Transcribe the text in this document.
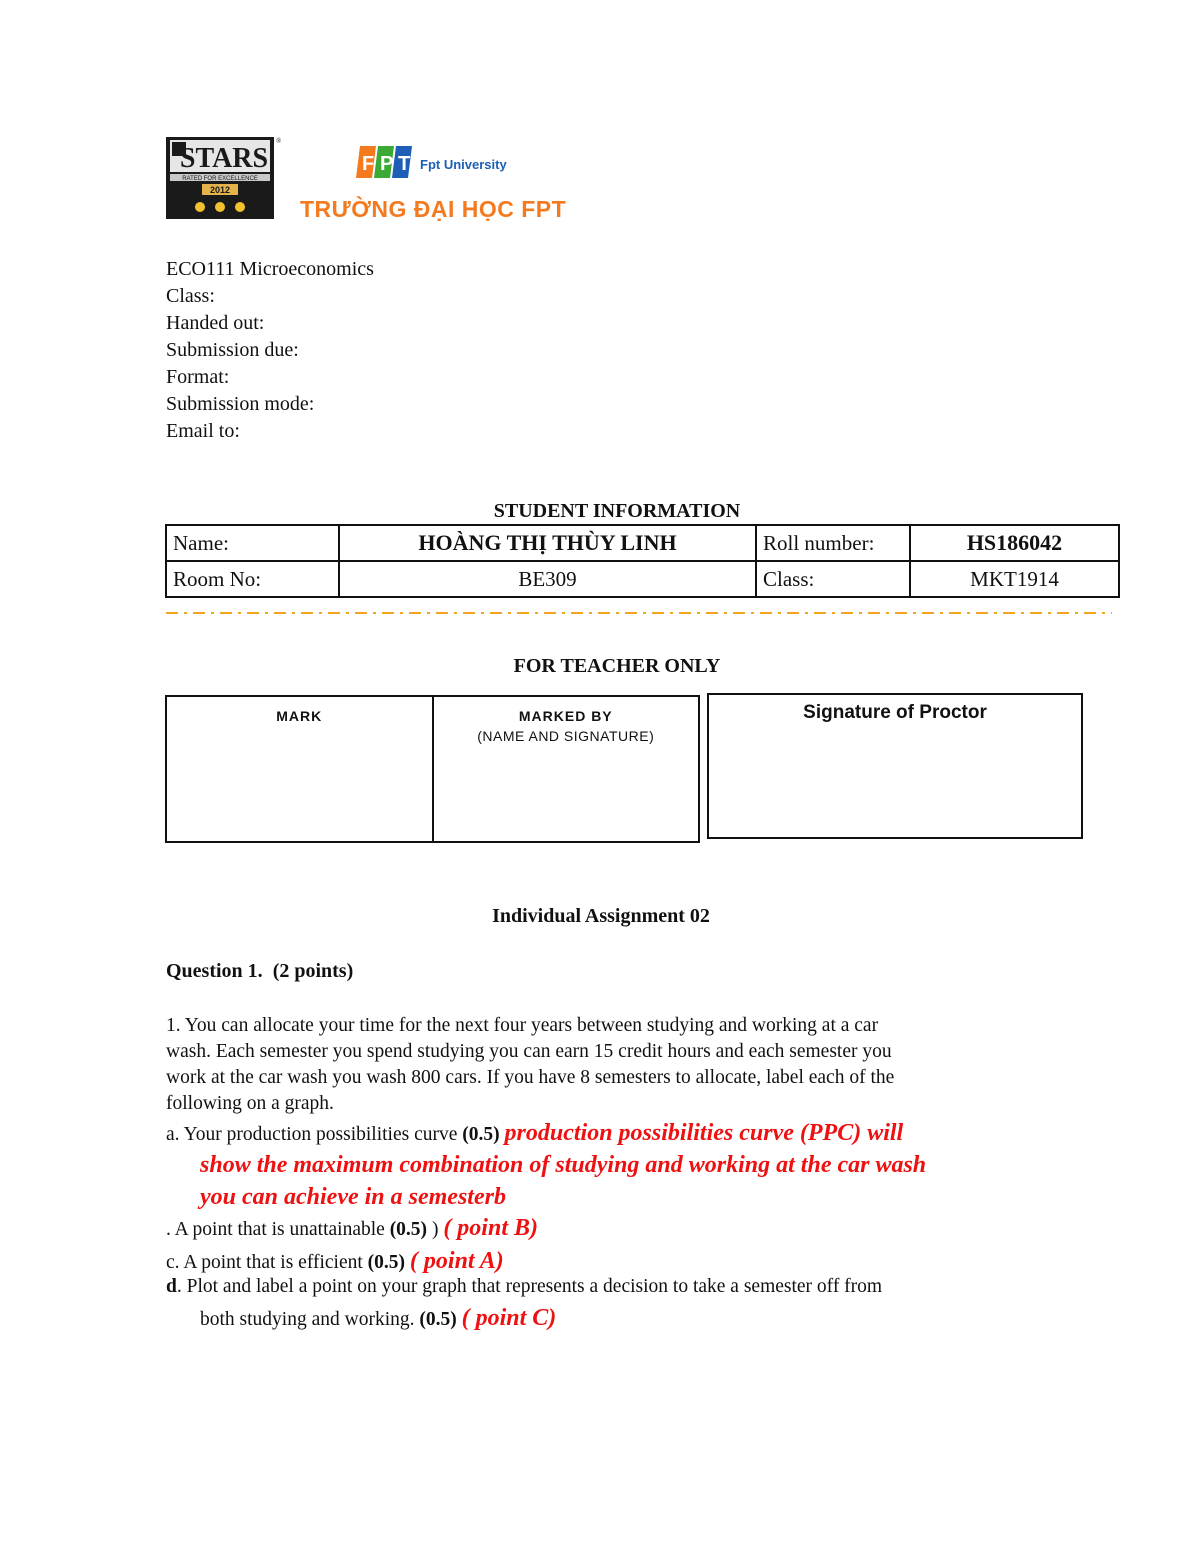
STARS
RATED FOR EXCELLENCE
2012
®
F P T Fpt University
TRƯỜNG ĐẠI HỌC FPT
ECO111 Microeconomics
Class:
Handed out:
Submission due:
Format:
Submission mode:
Email to:
STUDENT INFORMATION
Name:	HOÀNG THỊ THÙY LINH	Roll number:	HS186042
Room No:	BE309	Class:	MKT1914
FOR TEACHER ONLY
MARK	MARKED BY
(NAME AND SIGNATURE)
Signature of Proctor
Individual Assignment 02
Question 1. (2 points)
1. You can allocate your time for the next four years between studying and working at a car
wash. Each semester you spend studying you can earn 15 credit hours and each semester you
work at the car wash you wash 800 cars. If you have 8 semesters to allocate, label each of the
following on a graph.
a. Your production possibilities curve (0.5) production possibilities curve (PPC) will
show the maximum combination of studying and working at the car wash
you can achieve in a semesterb
. A point that is unattainable (0.5) ) ( point B)
c. A point that is efficient (0.5) ( point A)
d. Plot and label a point on your graph that represents a decision to take a semester off from
both studying and working. (0.5) ( point C)
